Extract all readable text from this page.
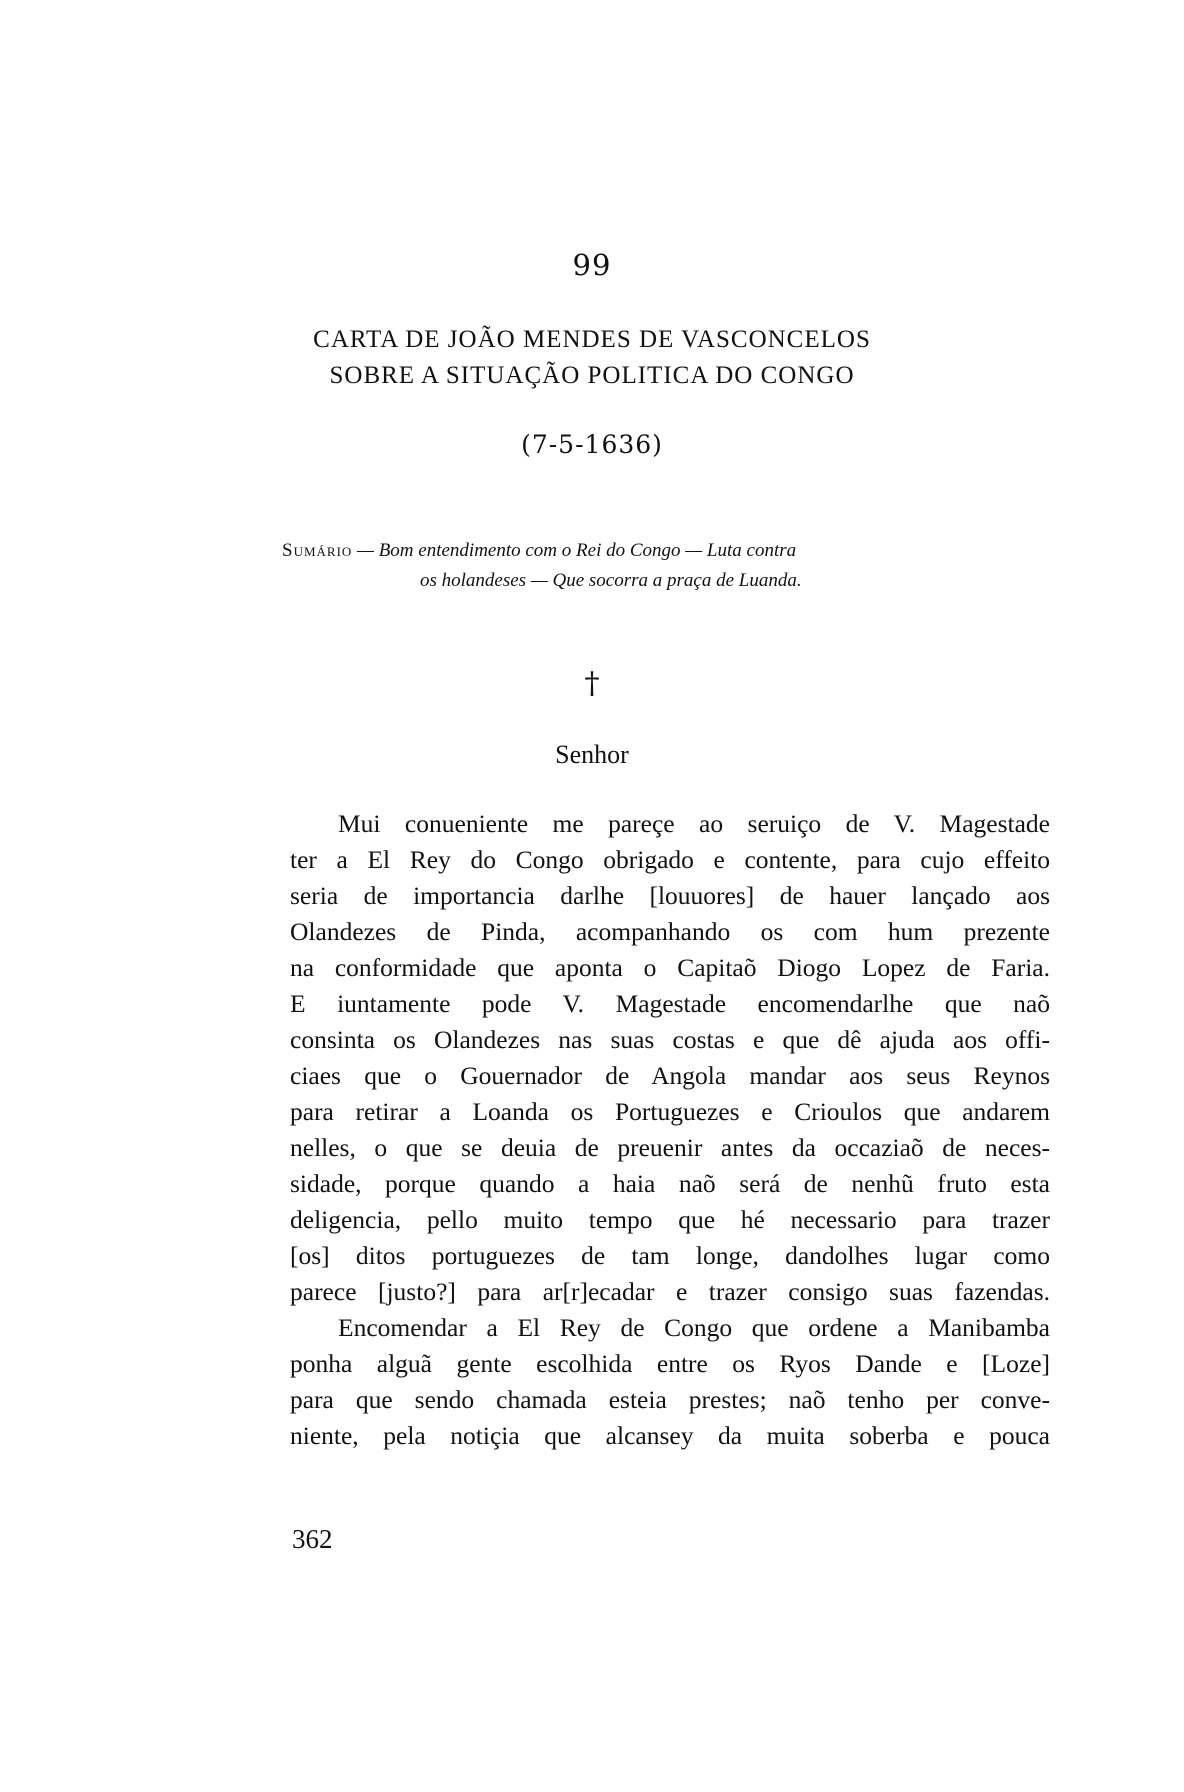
99
CARTA DE JOÃO MENDES DE VASCONCELOS
SOBRE A SITUAÇÃO POLITICA DO CONGO
(7-5-1636)
Sumário — Bom entendimento com o Rei do Congo — Luta contra
os holandeses — Que socorra a praça de Luanda.
†
Senhor
Mui conueniente me pareçe ao seruiço de V. Magestade
ter a El Rey do Congo obrigado e contente, para cujo effeito
seria de importancia darlhe [louuores] de hauer lançado aos
Olandezes de Pinda, acompanhando os com hum prezente
na conformidade que aponta o Capitaõ Diogo Lopez de Faria.
E iuntamente pode V. Magestade encomendarlhe que naõ
consinta os Olandezes nas suas costas e que dê ajuda aos offi-
ciaes que o Gouernador de Angola mandar aos seus Reynos
para retirar a Loanda os Portuguezes e Crioulos que andarem
nelles, o que se deuia de preuenir antes da occaziaõ de neces-
sidade, porque quando a haia naõ será de nenhũ fruto esta
deligencia, pello muito tempo que hé necessario para trazer
[os] ditos portuguezes de tam longe, dandolhes lugar como
parece [justo?] para ar[r]ecadar e trazer consigo suas fazendas.
Encomendar a El Rey de Congo que ordene a Manibamba
ponha alguã gente escolhida entre os Ryos Dande e [Loze]
para que sendo chamada esteia prestes; naõ tenho per conve-
niente, pela notiçia que alcansey da muita soberba e pouca
362
